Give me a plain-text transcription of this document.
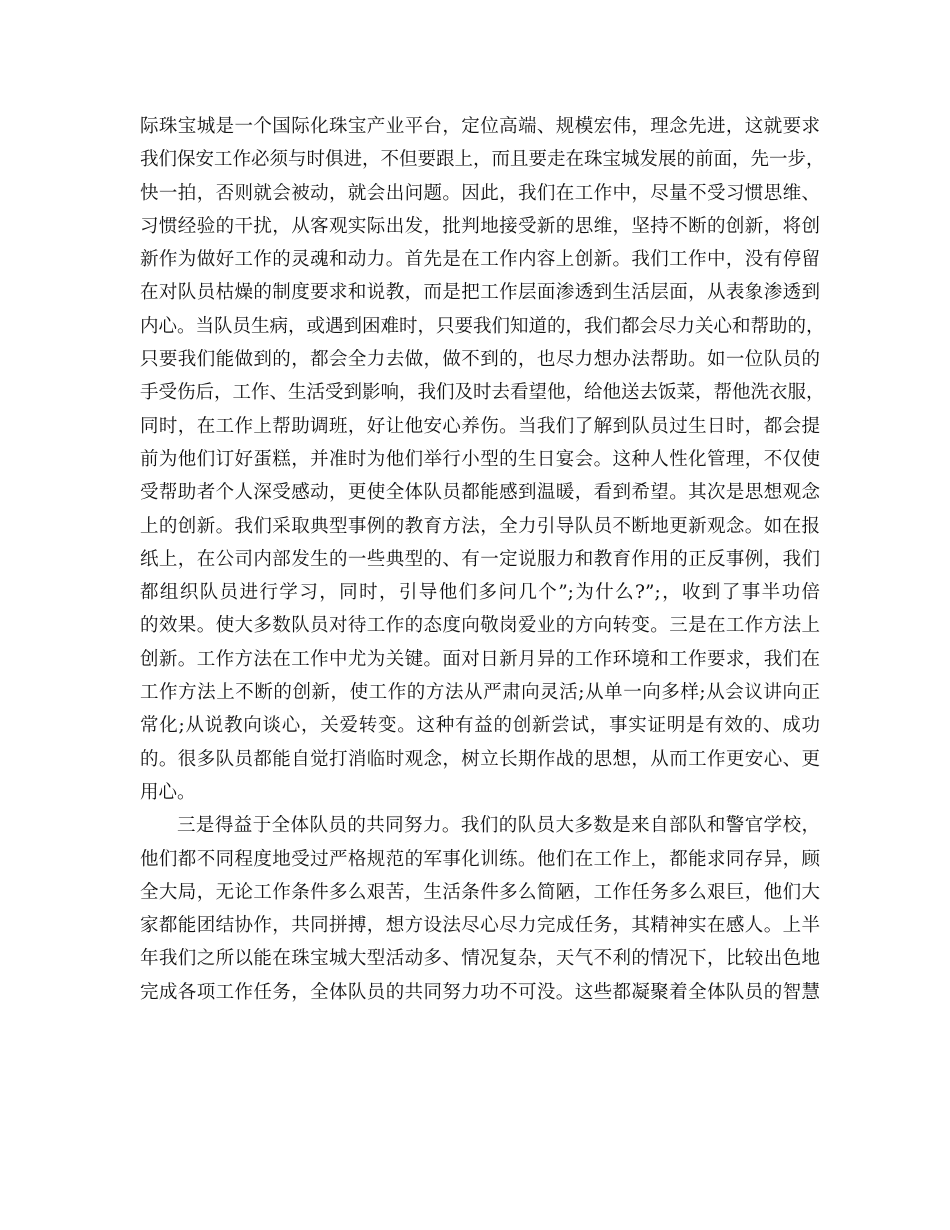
际珠宝城是一个国际化珠宝产业平台，定位高端、规模宏伟，理念先进，这就要求
我们保安工作必须与时俱进，不但要跟上，而且要走在珠宝城发展的前面，先一步，
快一拍，否则就会被动，就会出问题。因此，我们在工作中，尽量不受习惯思维、
习惯经验的干扰，从客观实际出发，批判地接受新的思维，坚持不断的创新，将创
新作为做好工作的灵魂和动力。首先是在工作内容上创新。我们工作中，没有停留
在对队员枯燥的制度要求和说教，而是把工作层面渗透到生活层面，从表象渗透到
内心。当队员生病，或遇到困难时，只要我们知道的，我们都会尽力关心和帮助的，
只要我们能做到的，都会全力去做，做不到的，也尽力想办法帮助。如一位队员的
手受伤后，工作、生活受到影响，我们及时去看望他，给他送去饭菜，帮他洗衣服，
同时，在工作上帮助调班，好让他安心养伤。当我们了解到队员过生日时，都会提
前为他们订好蛋糕，并准时为他们举行小型的生日宴会。这种人性化管理，不仅使
受帮助者个人深受感动，更使全体队员都能感到温暖，看到希望。其次是思想观念
上的创新。我们采取典型事例的教育方法，全力引导队员不断地更新观念。如在报
纸上，在公司内部发生的一些典型的、有一定说服力和教育作用的正反事例，我们
都组织队员进行学习，同时，引导他们多问几个”;为什么?”;，收到了事半功倍
的效果。使大多数队员对待工作的态度向敬岗爱业的方向转变。三是在工作方法上
创新。工作方法在工作中尤为关键。面对日新月异的工作环境和工作要求，我们在
工作方法上不断的创新，使工作的方法从严肃向灵活;从单一向多样;从会议讲向正
常化;从说教向谈心，关爱转变。这种有益的创新尝试，事实证明是有效的、成功
的。很多队员都能自觉打消临时观念，树立长期作战的思想，从而工作更安心、更
用心。
三是得益于全体队员的共同努力。我们的队员大多数是来自部队和警官学校，
他们都不同程度地受过严格规范的军事化训练。他们在工作上，都能求同存异，顾
全大局，无论工作条件多么艰苦，生活条件多么简陋，工作任务多么艰巨，他们大
家都能团结协作，共同拼搏，想方设法尽心尽力完成任务，其精神实在感人。上半
年我们之所以能在珠宝城大型活动多、情况复杂，天气不利的情况下，比较出色地
完成各项工作任务，全体队员的共同努力功不可没。这些都凝聚着全体队员的智慧
